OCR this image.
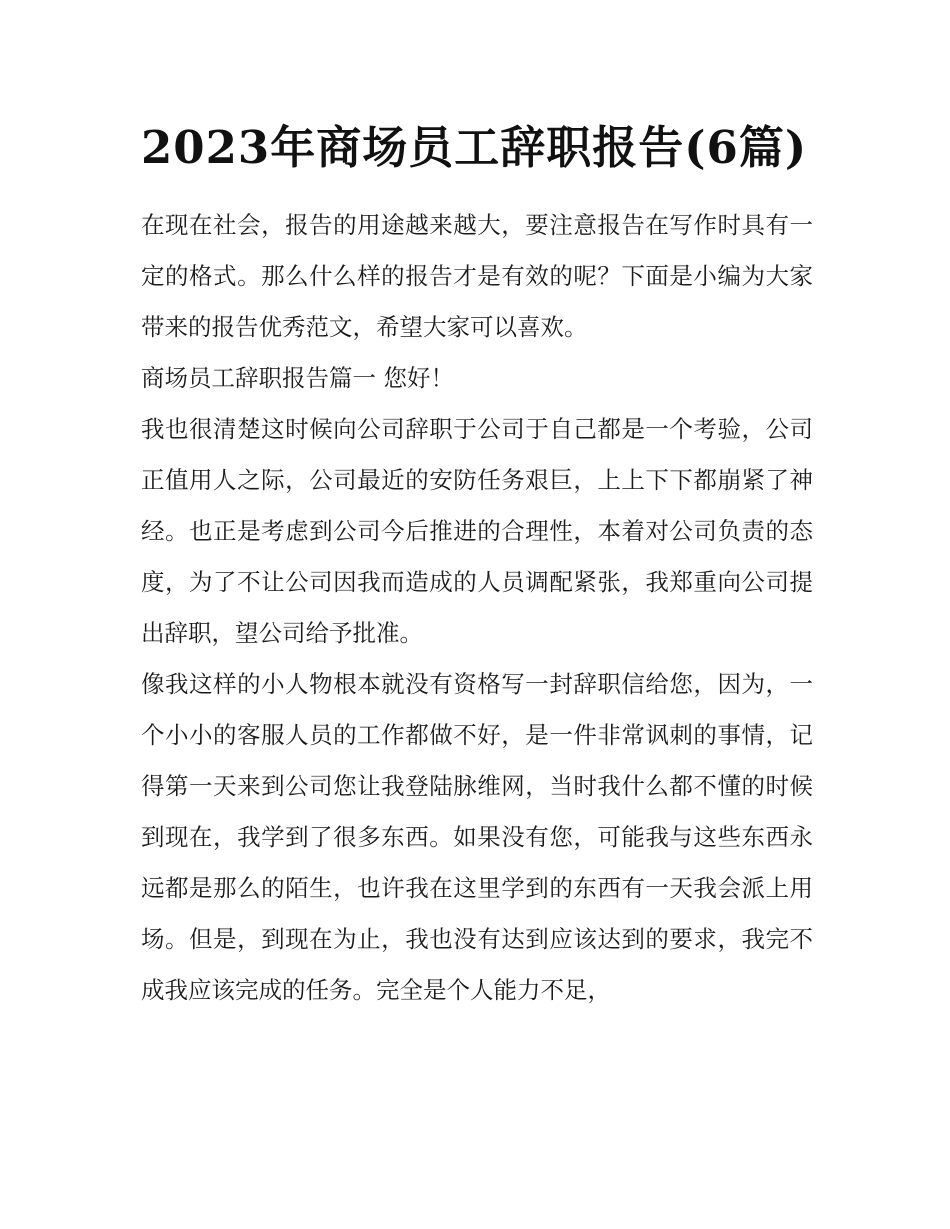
2023年商场员工辞职报告(6篇)

在现在社会，报告的用途越来越大，要注意报告在写作时具有一定的格式。那么什么样的报告才是有效的呢？下面是小编为大家带来的报告优秀范文，希望大家可以喜欢。

商场员工辞职报告篇一 您好！

我也很清楚这时候向公司辞职于公司于自己都是一个考验，公司正值用人之际，公司最近的安防任务艰巨，上上下下都崩紧了神经。也正是考虑到公司今后推进的合理性，本着对公司负责的态度，为了不让公司因我而造成的人员调配紧张，我郑重向公司提出辞职，望公司给予批准。

像我这样的小人物根本就没有资格写一封辞职信给您，因为，一个小小的客服人员的工作都做不好，是一件非常讽刺的事情，记得第一天来到公司您让我登陆脉维网，当时我什么都不懂的时候到现在，我学到了很多东西。如果没有您，可能我与这些东西永远都是那么的陌生，也许我在这里学到的东西有一天我会派上用场。但是，到现在为止，我也没有达到应该达到的要求，我完不成我应该完成的任务。完全是个人能力不足，
